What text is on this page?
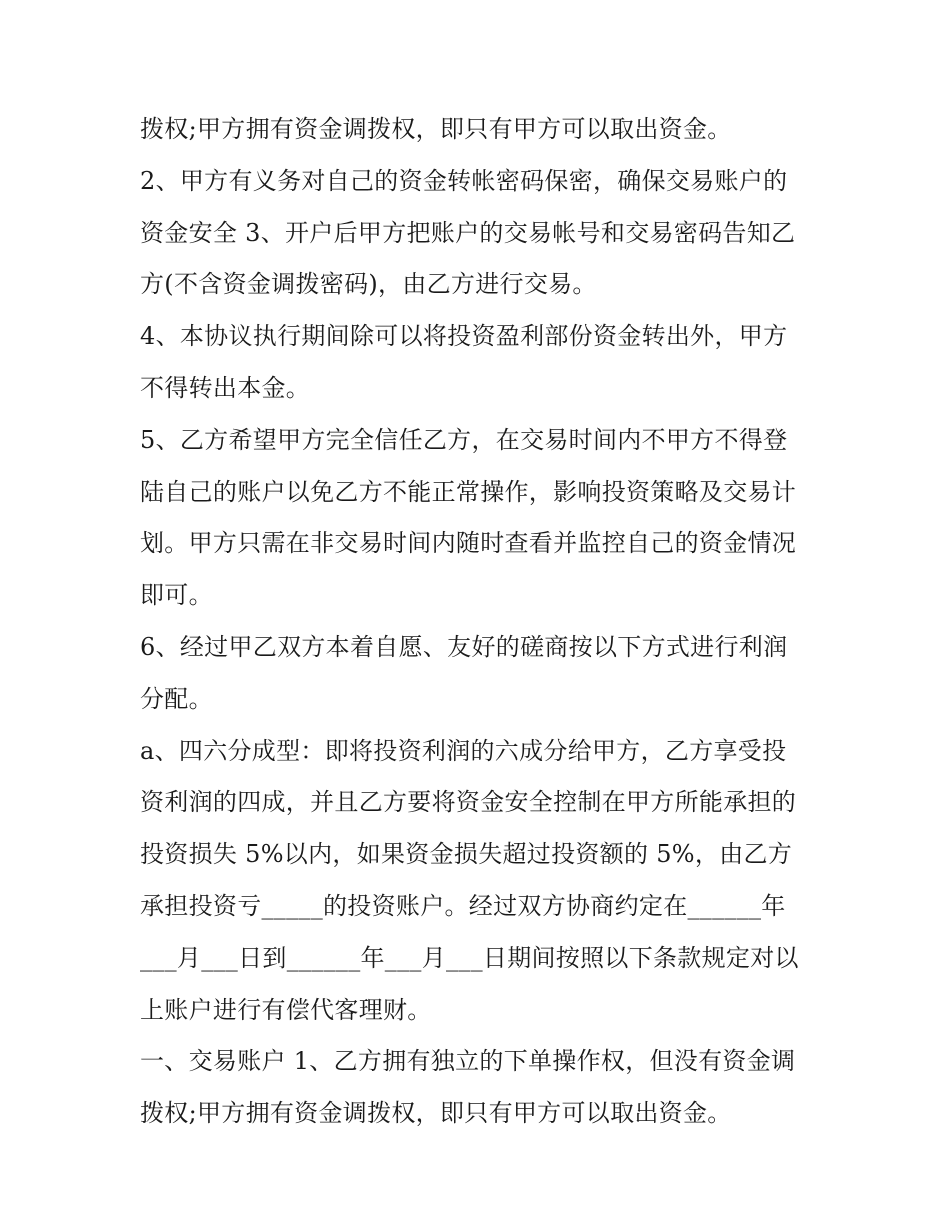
拨权;甲方拥有资金调拨权，即只有甲方可以取出资金。
2、甲方有义务对自己的资金转帐密码保密，确保交易账户的
资金安全 3、开户后甲方把账户的交易帐号和交易密码告知乙
方(不含资金调拨密码)，由乙方进行交易。
4、本协议执行期间除可以将投资盈利部份资金转出外，甲方
不得转出本金。
5、乙方希望甲方完全信任乙方，在交易时间内不甲方不得登
陆自己的账户以免乙方不能正常操作，影响投资策略及交易计
划。甲方只需在非交易时间内随时查看并监控自己的资金情况
即可。
6、经过甲乙双方本着自愿、友好的磋商按以下方式进行利润
分配。
a、四六分成型：即将投资利润的六成分给甲方，乙方享受投
资利润的四成，并且乙方要将资金安全控制在甲方所能承担的
投资损失 5%以内，如果资金损失超过投资额的 5%，由乙方
承担投资亏_____的投资账户。经过双方协商约定在______年
___月___日到______年___月___日期间按照以下条款规定对以
上账户进行有偿代客理财。
一、交易账户 1、乙方拥有独立的下单操作权，但没有资金调
拨权;甲方拥有资金调拨权，即只有甲方可以取出资金。
